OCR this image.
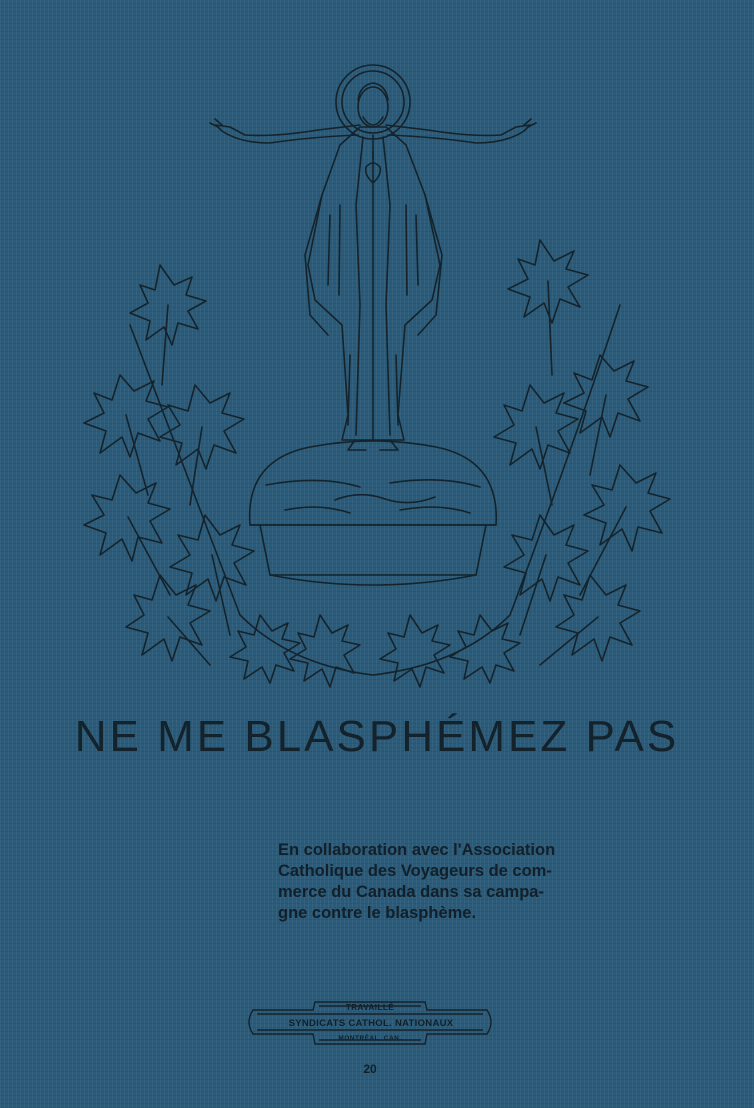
NE ME BLASPHÉMEZ PAS

En collaboration avec l'Association

Catholique des Voyageurs de com-

merce du Canada dans sa campa-

gne contre le blasphème.

TRAVAILLÉ
SYNDICATS CATHOL. NATIONAUX
MONTRÉAL, CAN.
20
